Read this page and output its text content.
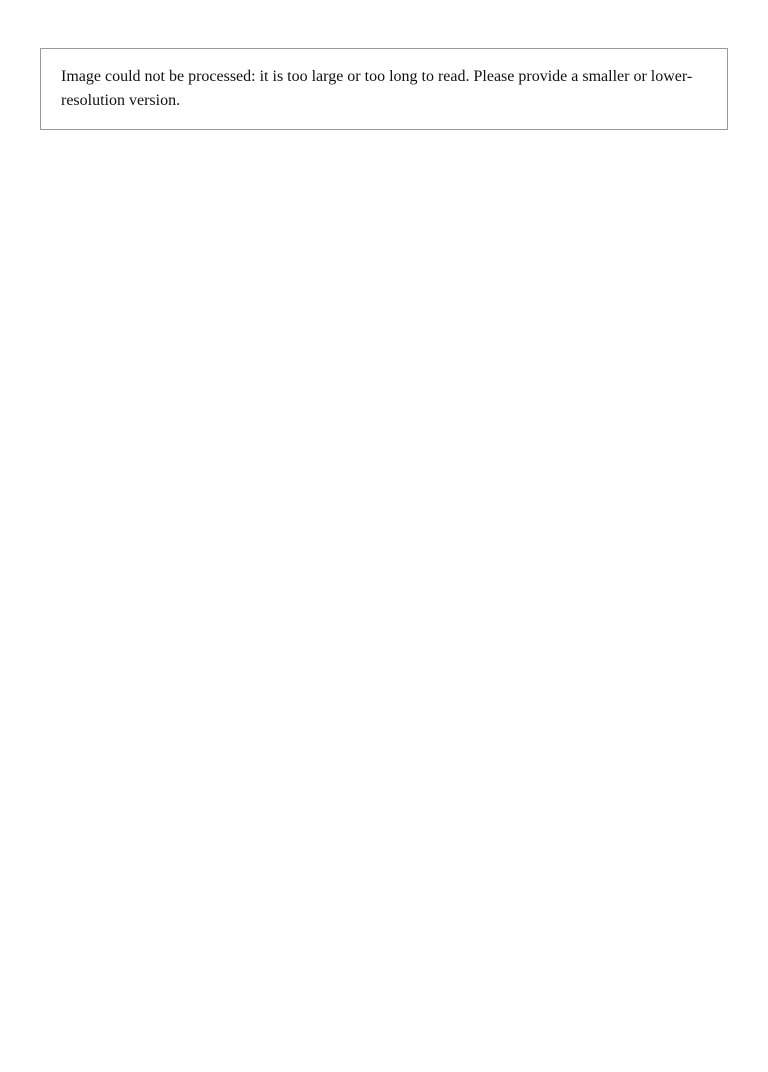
Image could not be processed: it is too large or too long to read. Please provide a smaller or lower-resolution version.
